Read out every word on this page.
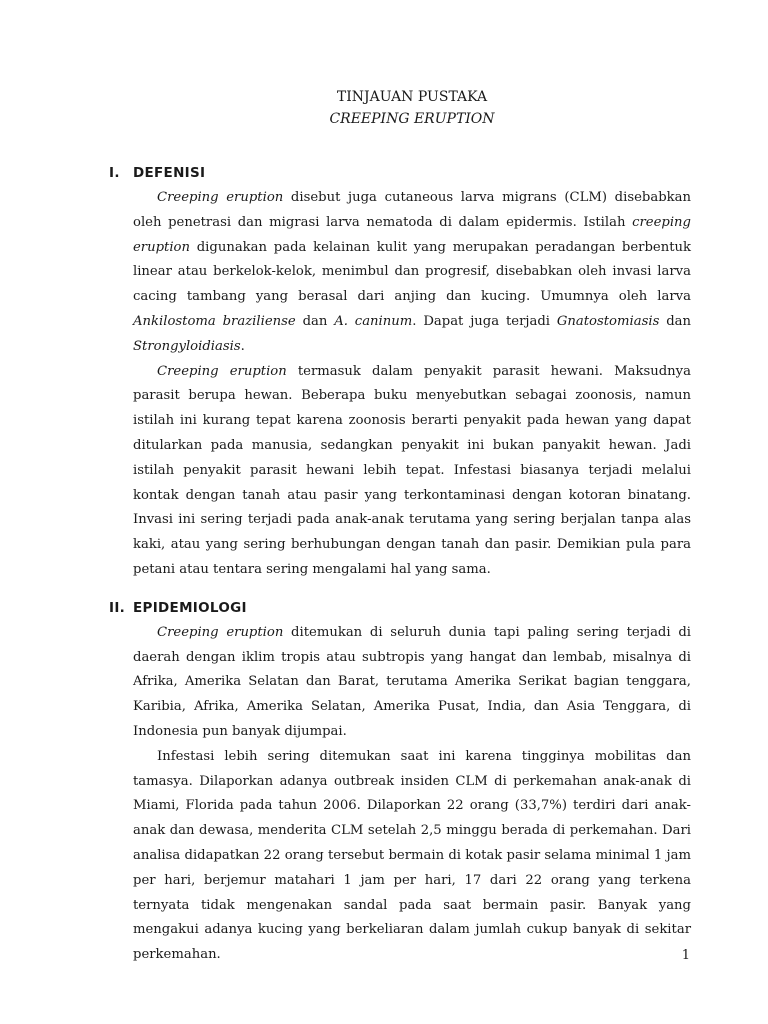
TINJAUAN PUSTAKA

CREEPING ERUPTION

I. DEFENISI

Creeping eruption disebut juga cutaneous larva migrans (CLM) disebabkan oleh penetrasi dan migrasi larva nematoda di dalam epidermis. Istilah creeping eruption digunakan pada kelainan kulit yang merupakan peradangan berbentuk linear atau berkelok-kelok, menimbul dan progresif, disebabkan oleh invasi larva cacing tambang yang berasal dari anjing dan kucing. Umumnya oleh larva Ankilostoma braziliense dan A. caninum. Dapat juga terjadi Gnatostomiasis dan Strongyloidiasis.

Creeping eruption termasuk dalam penyakit parasit hewani. Maksudnya parasit berupa hewan. Beberapa buku menyebutkan sebagai zoonosis, namun istilah ini kurang tepat karena zoonosis berarti penyakit pada hewan yang dapat ditularkan pada manusia, sedangkan penyakit ini bukan panyakit hewan. Jadi istilah penyakit parasit hewani lebih tepat. Infestasi biasanya terjadi melalui kontak dengan tanah atau pasir yang terkontaminasi dengan kotoran binatang. Invasi ini sering terjadi pada anak-anak terutama yang sering berjalan tanpa alas kaki, atau yang sering berhubungan dengan tanah dan pasir. Demikian pula para petani atau tentara sering mengalami hal yang sama.

II. EPIDEMIOLOGI

Creeping eruption ditemukan di seluruh dunia tapi paling sering terjadi di daerah dengan iklim tropis atau subtropis yang hangat dan lembab, misalnya di Afrika, Amerika Selatan dan Barat, terutama Amerika Serikat bagian tenggara, Karibia, Afrika, Amerika Selatan, Amerika Pusat, India, dan Asia Tenggara, di Indonesia pun banyak dijumpai.

Infestasi lebih sering ditemukan saat ini karena tingginya mobilitas dan tamasya. Dilaporkan adanya outbreak insiden CLM di perkemahan anak-anak di Miami, Florida pada tahun 2006. Dilaporkan 22 orang (33,7%) terdiri dari anak-anak dan dewasa, menderita CLM setelah 2,5 minggu berada di perkemahan. Dari analisa didapatkan 22 orang tersebut bermain di kotak pasir selama minimal 1 jam per hari, berjemur matahari 1 jam per hari, 17 dari 22 orang yang terkena ternyata tidak mengenakan sandal pada saat bermain pasir. Banyak yang mengakui adanya kucing yang berkeliaran dalam jumlah cukup banyak di sekitar perkemahan.	1
